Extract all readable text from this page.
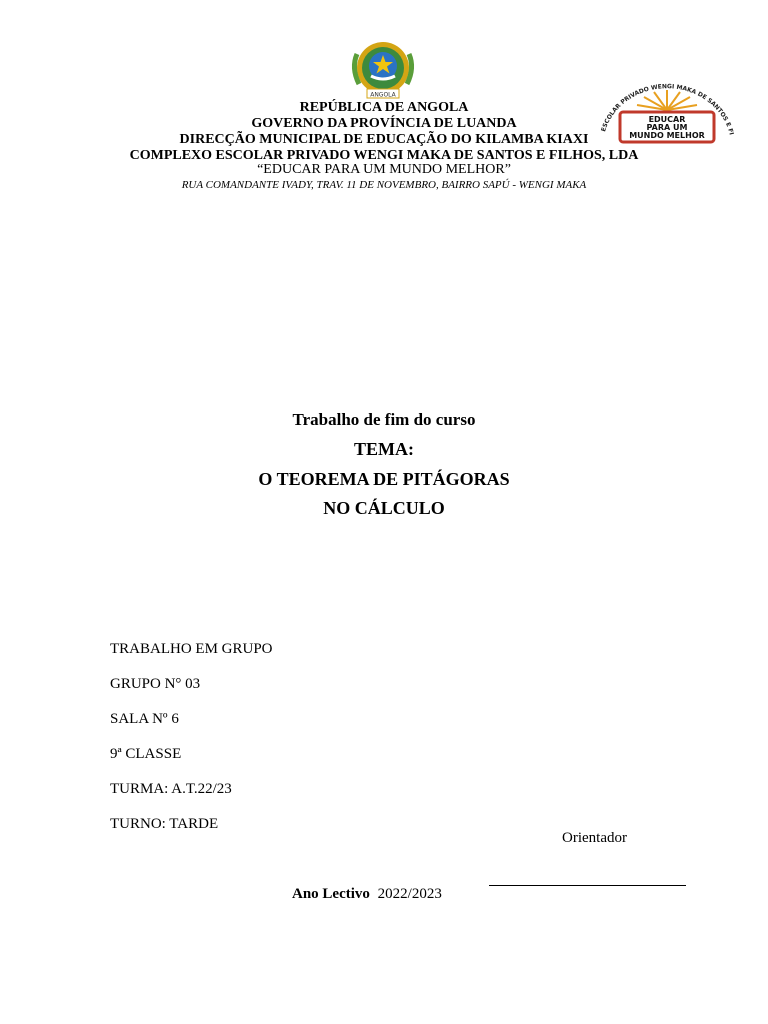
ANGOLA
ESCOLAR PRIVADO WENGI MAKA DE SANTOS E FI
EDUCAR
PARA UM
MUNDO MELHOR
REPÚBLICA DE ANGOLA
GOVERNO DA PROVÍNCIA DE LUANDA
DIRECÇÃO MUNICIPAL DE EDUCAÇÃO DO KILAMBA KIAXI
COMPLEXO ESCOLAR PRIVADO WENGI MAKA DE SANTOS E FILHOS, LDA
“EDUCAR PARA UM MUNDO MELHOR”
RUA COMANDANTE IVADY, TRAV. 11 DE NOVEMBRO, BAIRRO SAPÚ - WENGI MAKA
Trabalho de fim do curso
TEMA:
O TEOREMA DE PITÁGORAS
NO CÁLCULO
TRABALHO EM GRUPO
GRUPO N° 03
SALA Nº 6
9ª CLASSE
TURMA: A.T.22/23
TURNO: TARDE
Orientador
Ano Lectivo 2022/2023
